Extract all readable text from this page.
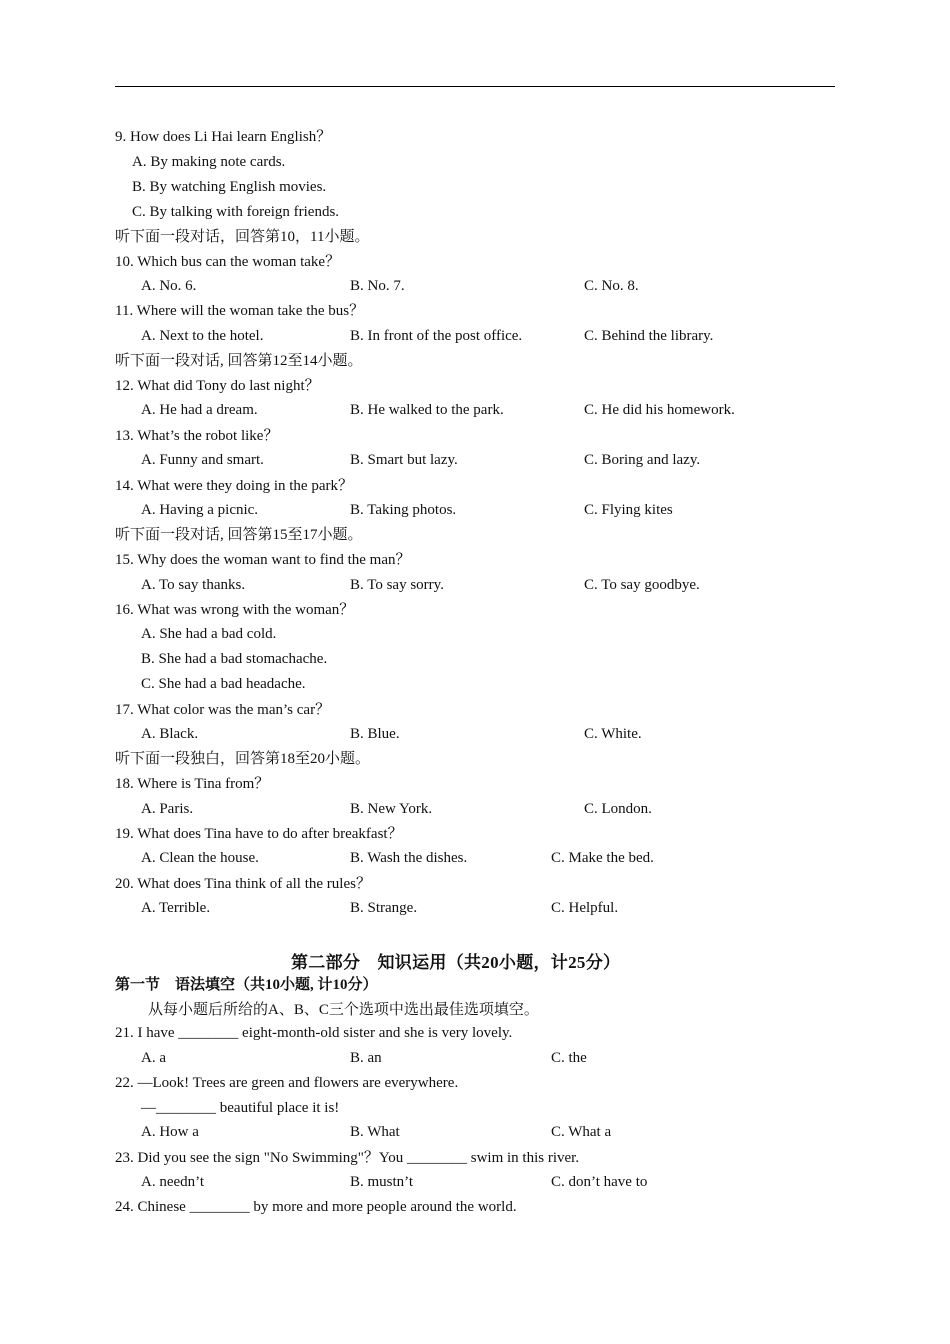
9. How does Li Hai learn English？
A. By making note cards.
B. By watching English movies.
C. By talking with foreign friends.
听下面一段对话，回答第10，11小题。
10. Which bus can the woman take？
A. No. 6.	B. No. 7.	C. No. 8.
11. Where will the woman take the bus？
A. Next to the hotel.	B. In front of the post office.	C. Behind the library.
听下面一段对话, 回答第12至14小题。
12. What did Tony do last night？
A. He had a dream.	B. He walked to the park.	C. He did his homework.
13. What’s the robot like？
A. Funny and smart.	B. Smart but lazy.	C. Boring and lazy.
14. What were they doing in the park？
A. Having a picnic.	B. Taking photos.	C. Flying kites
听下面一段对话, 回答第15至17小题。
15. Why does the woman want to find the man？
A. To say thanks.	B. To say sorry.	C. To say goodbye.
16. What was wrong with the woman？
A. She had a bad cold.
B. She had a bad stomachache.
C. She had a bad headache.
17. What color was the man’s car？
A. Black.	B. Blue.	C. White.
听下面一段独白，回答第18至20小题。
18. Where is Tina from？
A. Paris.	B. New York.	C. London.
19. What does Tina have to do after breakfast？
A. Clean the house.	B. Wash the dishes.	C. Make the bed.
20. What does Tina think of all the rules？
A. Terrible.	B. Strange.	C. Helpful.
第二部分　知识运用（共20小题，计25分）
第一节　语法填空（共10小题, 计10分）
从每小题后所给的A、B、C三个选项中选出最佳选项填空。
21. I have ________ eight-month-old sister and she is very lovely.
A. a	B. an	C. the
22. —Look! Trees are green and flowers are everywhere.
—________ beautiful place it is!
A. How a	B. What	C. What a
23. Did you see the sign "No Swimming"？You ________ swim in this river.
A. needn’t	B. mustn’t	C. don’t have to
24. Chinese ________ by more and more people around the world.
